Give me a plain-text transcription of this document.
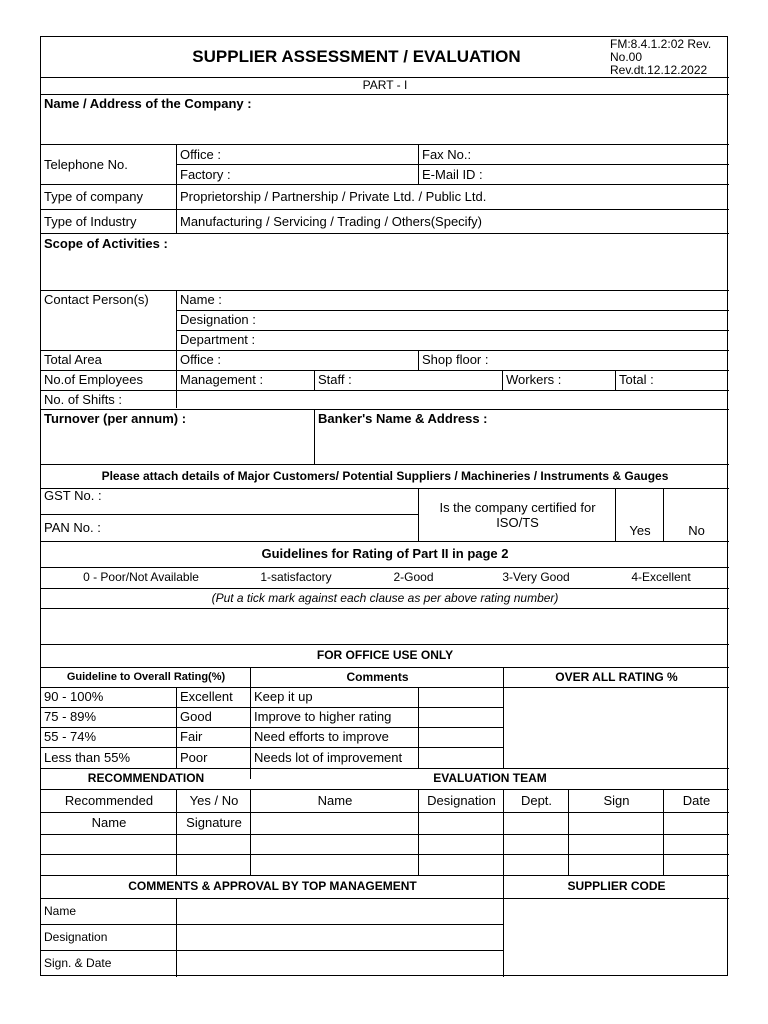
SUPPLIER ASSESSMENT / EVALUATION
FM:8.4.1.2:02 Rev.
No.00
Rev.dt.12.12.2022
PART - I
Name / Address of the Company :
Telephone No.
Office :	Fax No.:
Factory :	E-Mail ID :
Type of company	Proprietorship / Partnership / Private Ltd. / Public Ltd.
Type of Industry	Manufacturing / Servicing / Trading / Others(Specify)
Scope of Activities :
Contact Person(s)	Name :
Designation :
Department :
Total Area	Office :	Shop floor :
No.of Employees	Management :	Staff :	Workers :	Total :
No. of Shifts :
Turnover (per annum) :	Banker's Name & Address :
Please attach details of Major Customers/ Potential Suppliers / Machineries / Instruments & Gauges
GST No. :
PAN No. :
Is the company certified for ISO/TS
Yes	No
Guidelines for Rating of Part II in page 2
0 - Poor/Not Available	1-satisfactory	2-Good	3-Very Good	4-Excellent
(Put a tick mark against each clause as per above rating number)
FOR OFFICE USE ONLY
Guideline to Overall Rating(%)	Comments	OVER ALL RATING %
90 - 100%	Excellent	Keep it up
75 - 89%	Good	Improve to higher rating
55 - 74%	Fair	Need efforts to improve
Less than 55%	Poor	Needs lot of improvement
RECOMMENDATION	EVALUATION TEAM
Recommended	Yes / No	Name	Designation	Dept.	Sign	Date
Name	Signature
COMMENTS & APPROVAL BY TOP MANAGEMENT	SUPPLIER CODE
Name
Designation
Sign. & Date
